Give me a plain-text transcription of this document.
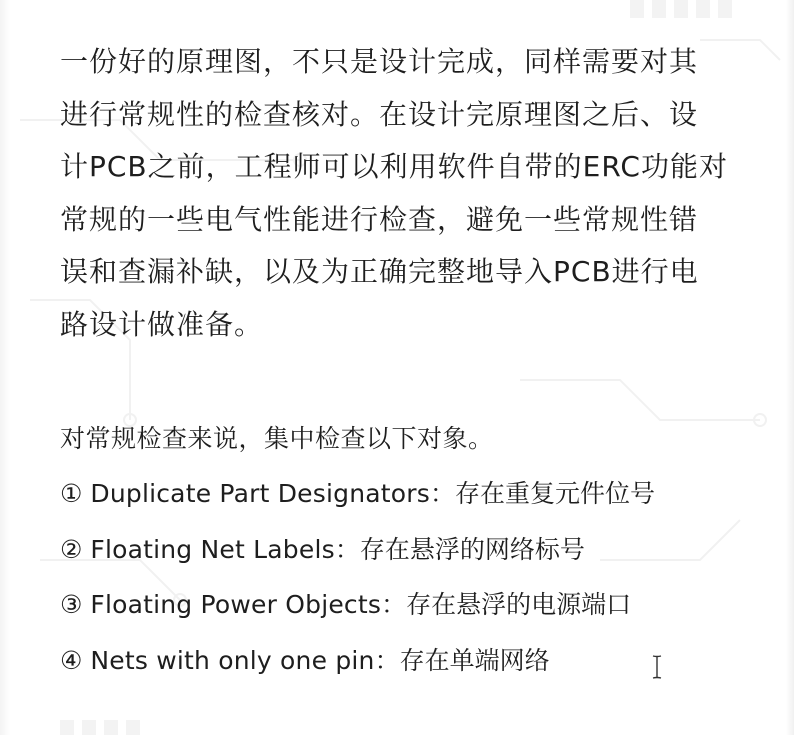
一份好的原理图，不只是设计完成，同样需要对其
进行常规性的检查核对。在设计完原理图之后、设
计PCB之前，工程师可以利用软件自带的ERC功能对
常规的一些电气性能进行检查，避免一些常规性错
误和查漏补缺，以及为正确完整地导入PCB进行电
路设计做准备。

对常规检查来说，集中检查以下对象。
① Duplicate Part Designators：存在重复元件位号
② Floating Net Labels：存在悬浮的网络标号
③ Floating Power Objects：存在悬浮的电源端口
④ Nets with only one pin：存在单端网络
